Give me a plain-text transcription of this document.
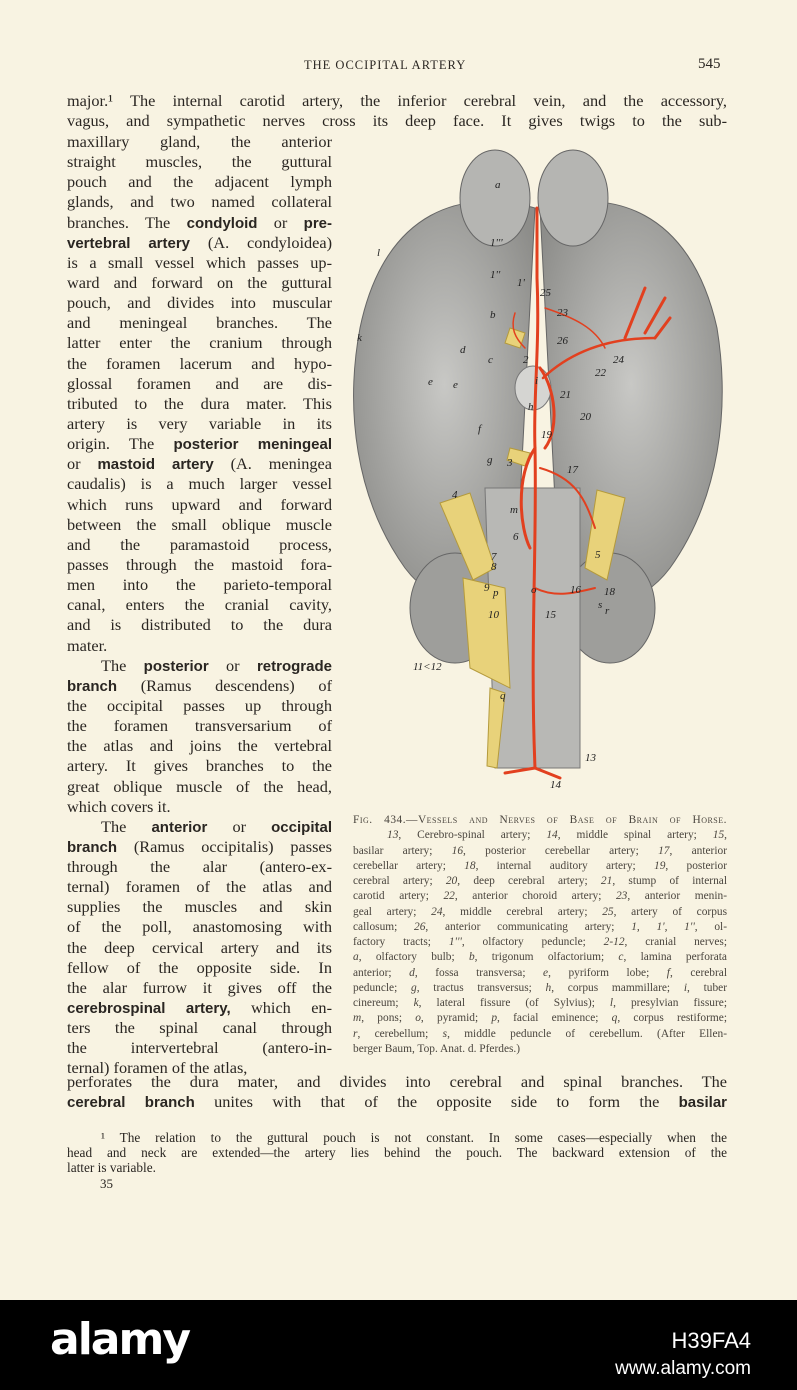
THE OCCIPITAL ARTERY	545
major.¹ The internal carotid artery, the inferior cerebral vein, and the accessory,
vagus, and sympathetic nerves cross its deep face. It gives twigs to the sub-
maxillary gland, the anterior
straight muscles, the guttural
pouch and the adjacent lymph
glands, and two named collateral
branches. The condyloid or pre-
vertebral artery (A. condyloidea)
is a small vessel which passes up-
ward and forward on the guttural
pouch, and divides into muscular
and meningeal branches. The
latter enter the cranium through
the foramen lacerum and hypo-
glossal foramen and are dis-
tributed to the dura mater. This
artery is very variable in its
origin. The posterior meningeal
or mastoid artery (A. meningea
caudalis) is a much larger vessel
which runs upward and forward
between the small oblique muscle
and the paramastoid process,
passes through the mastoid fora-
men into the parieto-temporal
canal, enters the cranial cavity,
and is distributed to the dura
mater.
The posterior or retrograde
branch (Ramus descendens) of
the occipital passes up through
the foramen transversarium of
the atlas and joins the vertebral
artery. It gives branches to the
great oblique muscle of the head,
which covers it.
The anterior or occipital
branch (Ramus occipitalis) passes
through the alar (antero-ex-
ternal) foramen of the atlas and
supplies the muscles and skin
of the poll, anastomosing with
the deep cervical artery and its
fellow of the opposite side. In
the alar furrow it gives off the
cerebrospinal artery, which en-
ters the spinal canal through
the intervertebral (antero-in-
ternal) foramen of the atlas,
perforates the dura mater, and divides into cerebral and spinal branches. The
cerebral branch unites with that of the opposite side to form the basilar
a
1'''
1''
1'
b
25
23
26
24
c	2
i
22
d
e e
h
21
20
f	19
g 3
17
4
m
6
5
s
7
8
9 p
10
o	16 18
r
15
11<12
q
13
14
l
k
Fig. 434.—Vessels and Nerves of Base of Brain of Horse.
13, Cerebro-spinal artery; 14, middle spinal artery; 15,
basilar artery; 16, posterior cerebellar artery; 17, anterior
cerebellar artery; 18, internal auditory artery; 19, posterior
cerebral artery; 20, deep cerebral artery; 21, stump of internal
carotid artery; 22, anterior choroid artery; 23, anterior menin-
geal artery; 24, middle cerebral artery; 25, artery of corpus
callosum; 26, anterior communicating artery; 1, 1', 1'', ol-
factory tracts; 1''', olfactory peduncle; 2-12, cranial nerves;
a, olfactory bulb; b, trigonum olfactorium; c, lamina perforata
anterior; d, fossa transversa; e, pyriform lobe; f, cerebral
peduncle; g, tractus transversus; h, corpus mammillare; i, tuber
cinereum; k, lateral fissure (of Sylvius); l, presylvian fissure;
m, pons; o, pyramid; p, facial eminence; q, corpus restiforme;
r, cerebellum; s, middle peduncle of cerebellum. (After Ellen-
berger Baum, Top. Anat. d. Pferdes.)
¹ The relation to the guttural pouch is not constant. In some cases—especially when the
head and neck are extended—the artery lies behind the pouch. The backward extension of the
latter is variable.
35
alamy	H39FA4
www.alamy.com
